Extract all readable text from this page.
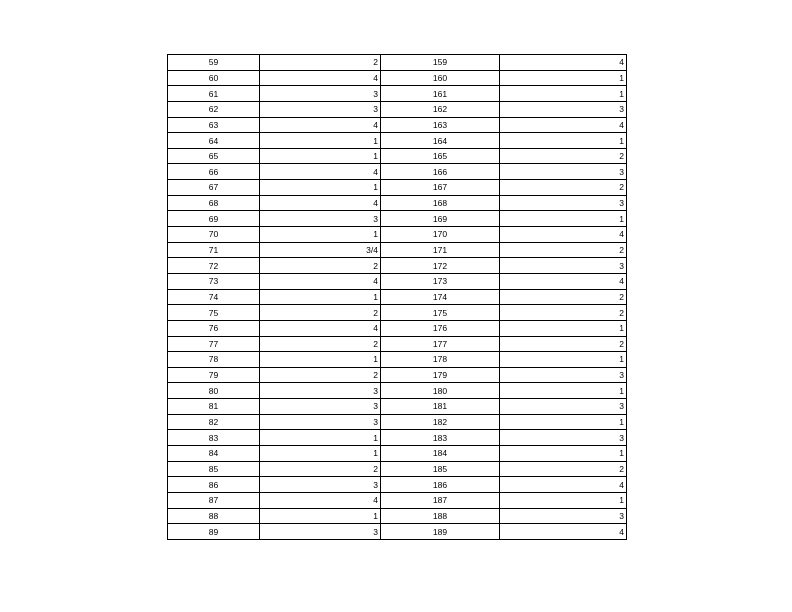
59	2	159	4
60	4	160	1
61	3	161	1
62	3	162	3
63	4	163	4
64	1	164	1
65	1	165	2
66	4	166	3
67	1	167	2
68	4	168	3
69	3	169	1
70	1	170	4
71	3/4	171	2
72	2	172	3
73	4	173	4
74	1	174	2
75	2	175	2
76	4	176	1
77	2	177	2
78	1	178	1
79	2	179	3
80	3	180	1
81	3	181	3
82	3	182	1
83	1	183	3
84	1	184	1
85	2	185	2
86	3	186	4
87	4	187	1
88	1	188	3
89	3	189	4
